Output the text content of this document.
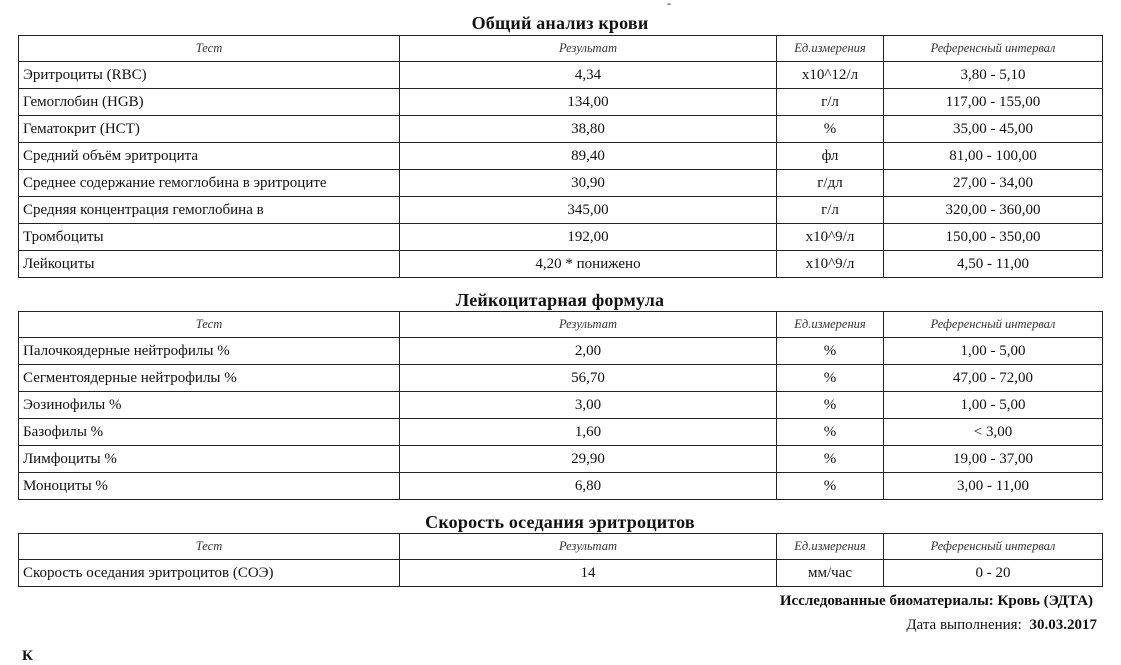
-
Общий анализ крови
Тест	Результат	Ед.измерения	Референсный интервал
Эритроциты (RBC)	4,34	x10^12/л	3,80 - 5,10
Гемоглобин (HGB)	134,00	г/л	117,00 - 155,00
Гематокрит (HCT)	38,80	%	35,00 - 45,00
Средний объём эритроцита	89,40	фл	81,00 - 100,00
Среднее содержание гемоглобина в эритроците	30,90	г/дл	27,00 - 34,00
Средняя концентрация гемоглобина в	345,00	г/л	320,00 - 360,00
Тромбоциты	192,00	x10^9/л	150,00 - 350,00
Лейкоциты	4,20 * понижено	x10^9/л	4,50 - 11,00
Лейкоцитарная формула
Тест	Результат	Ед.измерения	Референсный интервал
Палочкоядерные нейтрофилы %	2,00	%	1,00 - 5,00
Сегментоядерные нейтрофилы %	56,70	%	47,00 - 72,00
Эозинофилы %	3,00	%	1,00 - 5,00
Базофилы %	1,60	%	< 3,00
Лимфоциты %	29,90	%	19,00 - 37,00
Моноциты %	6,80	%	3,00 - 11,00
Скорость оседания эритроцитов
Тест	Результат	Ед.измерения	Референсный интервал
Скорость оседания эритроцитов (СОЭ)	14	мм/час	0 - 20
Исследованные биоматериалы: Кровь (ЭДТА)
Дата выполнения: 30.03.2017
К
